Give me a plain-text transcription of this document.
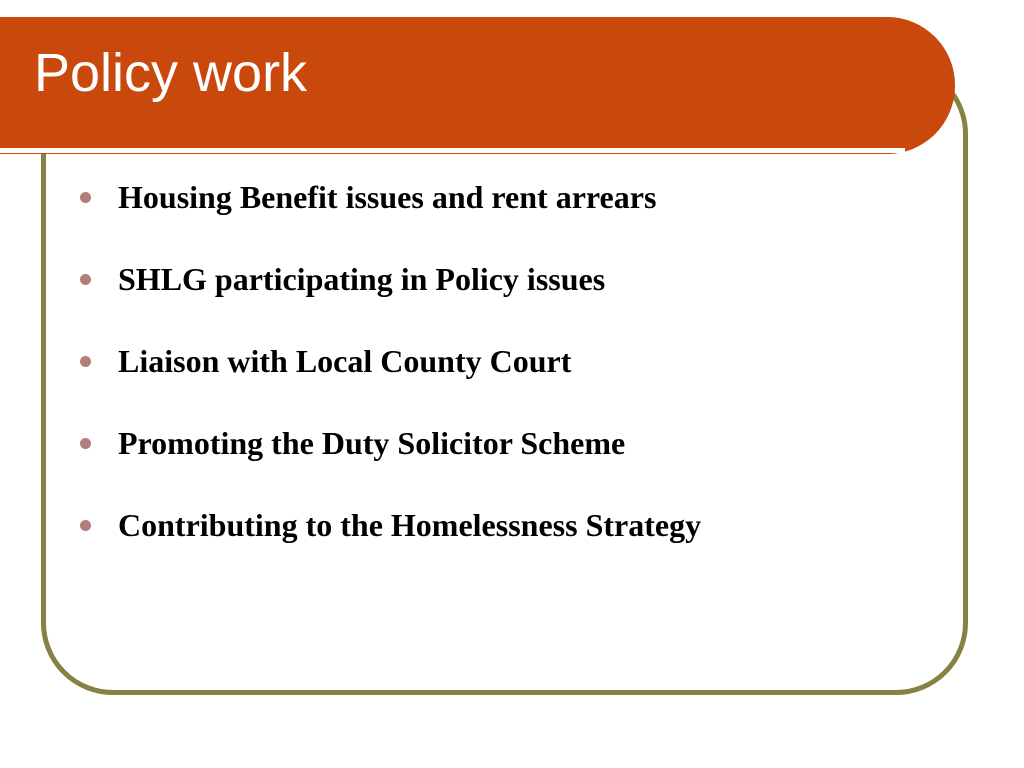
Policy work
Housing Benefit issues and rent arrears
SHLG participating in Policy issues
Liaison with Local County Court
Promoting the Duty Solicitor Scheme
Contributing to the Homelessness Strategy
